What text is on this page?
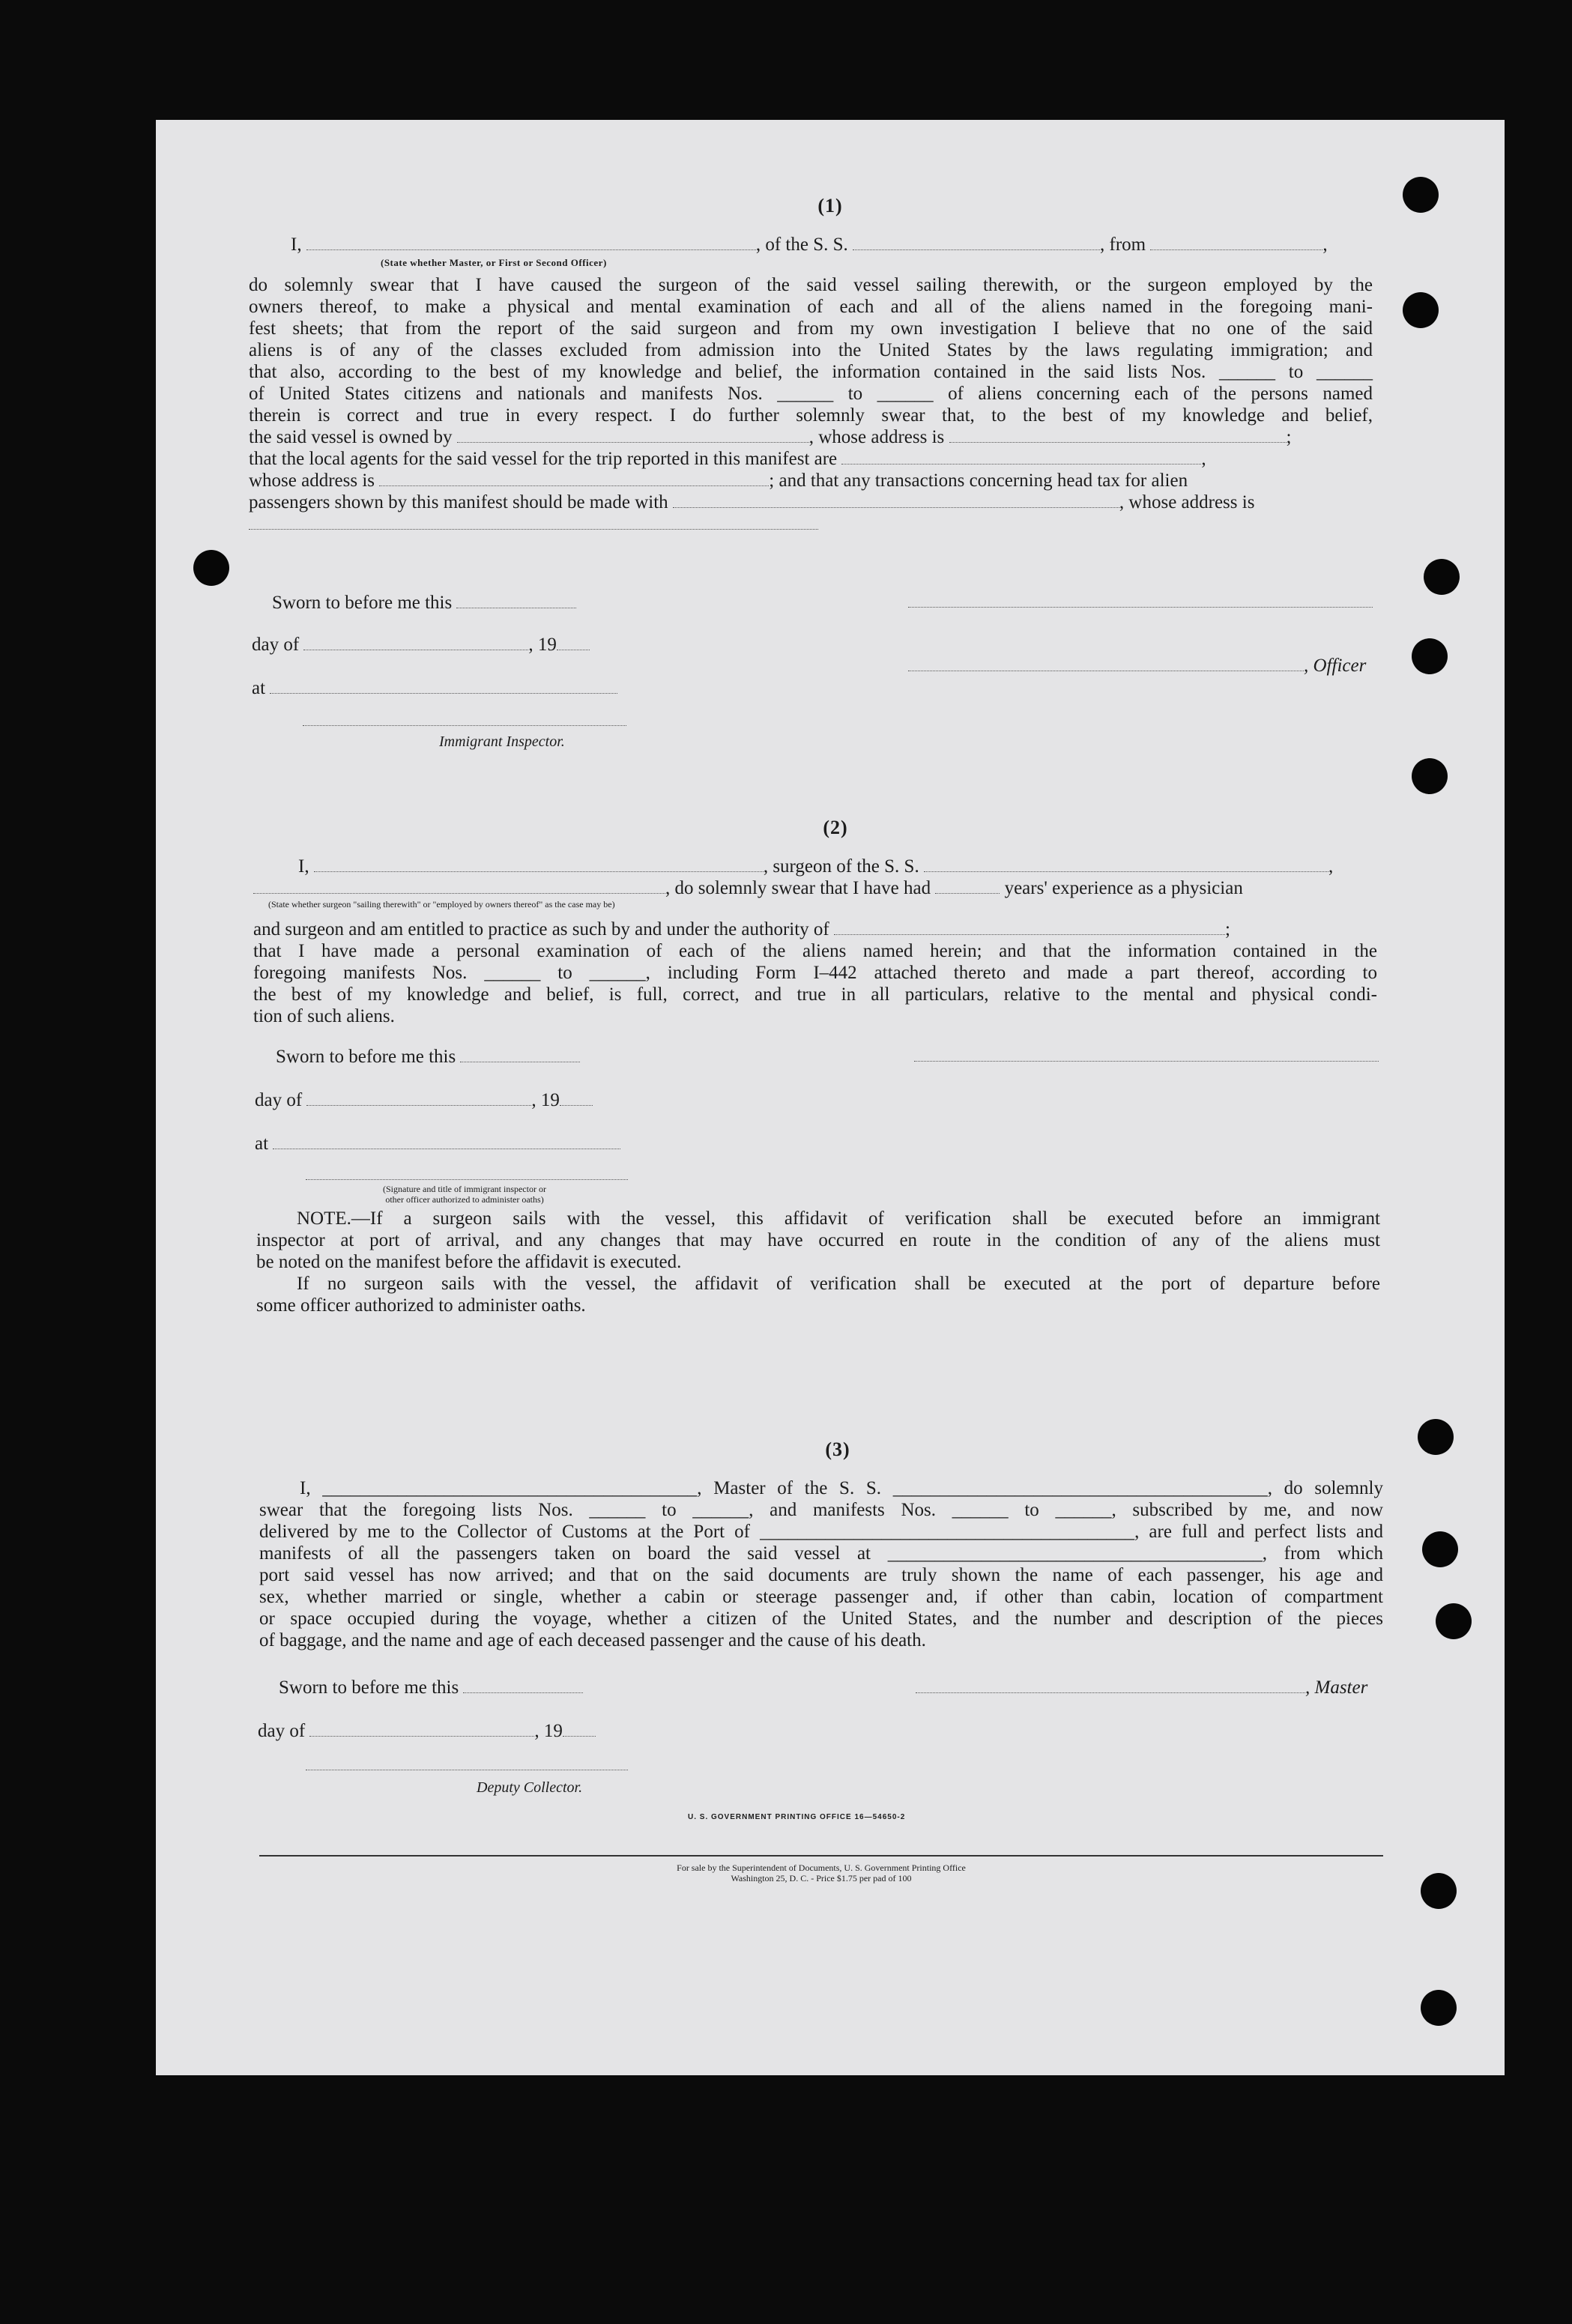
(1)
I,	, of the S. S.	, from	,
(State whether Master, or First or Second Officer)
do solemnly swear that I have caused the surgeon of the said vessel sailing therewith, or the surgeon employed by the
owners thereof, to make a physical and mental examination of each and all of the aliens named in the foregoing mani-
fest sheets; that from the report of the said surgeon and from my own investigation I believe that no one of the said
aliens is of any of the classes excluded from admission into the United States by the laws regulating immigration; and
that also, according to the best of my knowledge and belief, the information contained in the said lists Nos. ______ to ______
of United States citizens and nationals and manifests Nos. ______ to ______ of aliens concerning each of the persons named
therein is correct and true in every respect. I do further solemnly swear that, to the best of my knowledge and belief,
the said vessel is owned by	, whose address is	;
that the local agents for the said vessel for the trip reported in this manifest are	,
whose address is	; and that any transactions concerning head tax for alien
passengers shown by this manifest should be made with	, whose address is
Sworn to before me this
day of	, 19
, Officer
at
Immigrant Inspector.
(2)
I,	, surgeon of the S. S.	,
, do solemnly swear that I have had	years' experience as a physician
(State whether surgeon "sailing therewith" or "employed by owners thereof" as the case may be)
and surgeon and am entitled to practice as such by and under the authority of	;
that I have made a personal examination of each of the aliens named herein; and that the information contained in the
foregoing manifests Nos. ______ to ______, including Form I–442 attached thereto and made a part thereof, according to
the best of my knowledge and belief, is full, correct, and true in all particulars, relative to the mental and physical condi-
tion of such aliens.
Sworn to before me this
day of	, 19
at
(Signature and title of immigrant inspector or
other officer authorized to administer oaths)
NOTE.—If a surgeon sails with the vessel, this affidavit of verification shall be executed before an immigrant
inspector at port of arrival, and any changes that may have occurred en route in the condition of any of the aliens must
be noted on the manifest before the affidavit is executed.
If no surgeon sails with the vessel, the affidavit of verification shall be executed at the port of departure before
some officer authorized to administer oaths.
(3)
I, ________________________________________, Master of the S. S. ________________________________________, do solemnly
swear that the foregoing lists Nos. ______ to ______, and manifests Nos. ______ to ______, subscribed by me, and now
delivered by me to the Collector of Customs at the Port of ________________________________________, are full and perfect lists and
manifests of all the passengers taken on board the said vessel at ________________________________________, from which
port said vessel has now arrived; and that on the said documents are truly shown the name of each passenger, his age and
sex, whether married or single, whether a cabin or steerage passenger and, if other than cabin, location of compartment
or space occupied during the voyage, whether a citizen of the United States, and the number and description of the pieces
of baggage, and the name and age of each deceased passenger and the cause of his death.
Sworn to before me this	, Master
day of	, 19
Deputy Collector.
U. S. GOVERNMENT PRINTING OFFICE 16—54650-2
For sale by the Superintendent of Documents, U. S. Government Printing Office
Washington 25, D. C. - Price $1.75 per pad of 100
